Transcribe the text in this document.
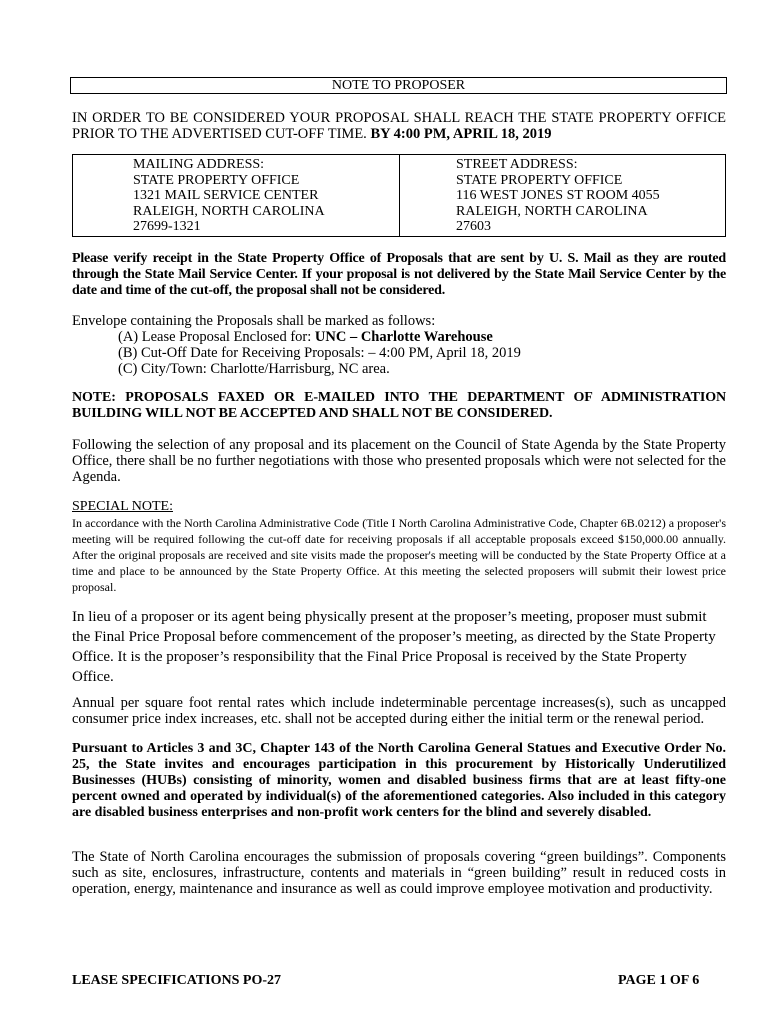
NOTE TO PROPOSER

IN ORDER TO BE CONSIDERED YOUR PROPOSAL SHALL REACH THE STATE PROPERTY OFFICE PRIOR TO THE ADVERTISED CUT-OFF TIME. BY 4:00 PM, APRIL 18, 2019

MAILING ADDRESS:
STATE PROPERTY OFFICE
1321 MAIL SERVICE CENTER
RALEIGH, NORTH CAROLINA
27699-1321
STREET ADDRESS:
STATE PROPERTY OFFICE
116 WEST JONES ST ROOM 4055
RALEIGH, NORTH CAROLINA
27603

Please verify receipt in the State Property Office of Proposals that are sent by U. S. Mail as they are routed through the State Mail Service Center. If your proposal is not delivered by the State Mail Service Center by the date and time of the cut-off, the proposal shall not be considered.

Envelope containing the Proposals shall be marked as follows:
(A) Lease Proposal Enclosed for: UNC – Charlotte Warehouse
(B) Cut-Off Date for Receiving Proposals: – 4:00 PM, April 18, 2019
(C) City/Town: Charlotte/Harrisburg, NC area.

NOTE: PROPOSALS FAXED OR E-MAILED INTO THE DEPARTMENT OF ADMINISTRATION BUILDING WILL NOT BE ACCEPTED AND SHALL NOT BE CONSIDERED.

Following the selection of any proposal and its placement on the Council of State Agenda by the State Property Office, there shall be no further negotiations with those who presented proposals which were not selected for the Agenda.

SPECIAL NOTE:

In accordance with the North Carolina Administrative Code (Title I North Carolina Administrative Code, Chapter 6B.0212) a proposer's meeting will be required following the cut-off date for receiving proposals if all acceptable proposals exceed $150,000.00 annually. After the original proposals are received and site visits made the proposer's meeting will be conducted by the State Property Office at a time and place to be announced by the State Property Office. At this meeting the selected proposers will submit their lowest price proposal.

In lieu of a proposer or its agent being physically present at the proposer’s meeting, proposer must submit the Final Price Proposal before commencement of the proposer’s meeting, as directed by the State Property Office. It is the proposer’s responsibility that the Final Price Proposal is received by the State Property Office.

Annual per square foot rental rates which include indeterminable percentage increases(s), such as uncapped consumer price index increases, etc. shall not be accepted during either the initial term or the renewal period.

Pursuant to Articles 3 and 3C, Chapter 143 of the North Carolina General Statues and Executive Order No. 25, the State invites and encourages participation in this procurement by Historically Underutilized Businesses (HUBs) consisting of minority, women and disabled business firms that are at least fifty-one percent owned and operated by individual(s) of the aforementioned categories. Also included in this category are disabled business enterprises and non-profit work centers for the blind and severely disabled.

The State of North Carolina encourages the submission of proposals covering “green buildings”. Components such as site, enclosures, infrastructure, contents and materials in “green building” result in reduced costs in operation, energy, maintenance and insurance as well as could improve employee motivation and productivity.

LEASE SPECIFICATIONS PO-27	PAGE 1 OF 6
